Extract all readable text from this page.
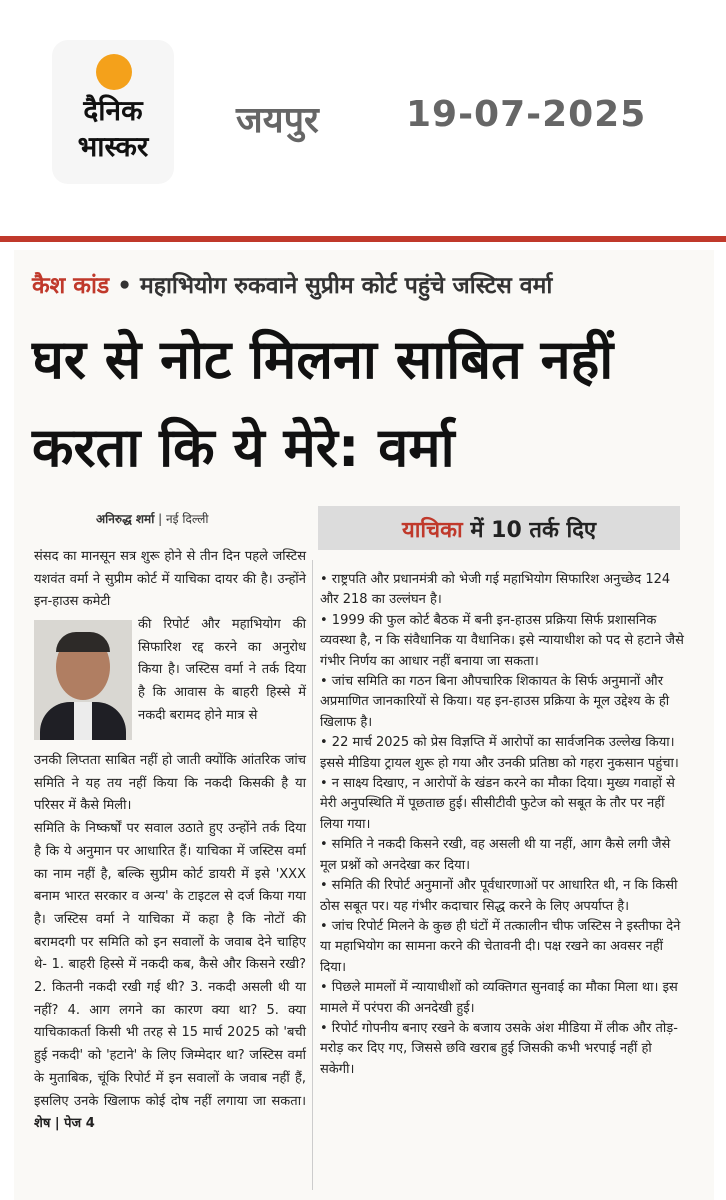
दैनिक
भास्कर
जयपुर 19-07-2025
कैश कांड • महाभियोग रुकवाने सुप्रीम कोर्ट पहुंचे जस्टिस वर्मा
घर से नोट मिलना साबित नहीं करता कि ये मेरे: वर्मा
अनिरुद्ध शर्मा | नई दिल्ली	याचिका में 10 तर्क दिए
संसद का मानसून सत्र शुरू होने से तीन दिन पहले जस्टिस यशवंत वर्मा ने सुप्रीम कोर्ट में याचिका दायर की है। उन्होंने इन-हाउस कमेटी
की रिपोर्ट और महाभियोग की सिफारिश रद्द करने का अनुरोध किया है। जस्टिस वर्मा ने तर्क दिया है कि आवास के बाहरी हिस्से में नकदी बरामद होने मात्र से

उनकी लिप्तता साबित नहीं हो जाती क्योंकि आंतरिक जांच समिति ने यह तय नहीं किया कि नकदी किसकी है या परिसर में कैसे मिली।

समिति के निष्कर्षों पर सवाल उठाते हुए उन्होंने तर्क दिया है कि ये अनुमान पर आधारित हैं। याचिका में जस्टिस वर्मा का नाम नहीं है, बल्कि सुप्रीम कोर्ट डायरी में इसे 'XXX बनाम भारत सरकार व अन्य' के टाइटल से दर्ज किया गया है। जस्टिस वर्मा ने याचिका में कहा है कि नोटों की बरामदगी पर समिति को इन सवालों के जवाब देने चाहिए थे- 1. बाहरी हिस्से में नकदी कब, कैसे और किसने रखी? 2. कितनी नकदी रखी गई थी? 3. नकदी असली थी या नहीं? 4. आग लगने का कारण क्या था? 5. क्या याचिकाकर्ता किसी भी तरह से 15 मार्च 2025 को 'बची हुई नकदी' को 'हटाने' के लिए जिम्मेदार था? जस्टिस वर्मा के मुताबिक, चूंकि रिपोर्ट में इन सवालों के जवाब नहीं हैं, इसलिए उनके खिलाफ कोई दोष नहीं लगाया जा सकता। शेष | पेज 4

• राष्ट्रपति और प्रधानमंत्री को भेजी गई महाभियोग सिफारिश अनुच्छेद 124 और 218 का उल्लंघन है।

• 1999 की फुल कोर्ट बैठक में बनी इन-हाउस प्रक्रिया सिर्फ प्रशासनिक व्यवस्था है, न कि संवैधानिक या वैधानिक। इसे न्यायाधीश को पद से हटाने जैसे गंभीर निर्णय का आधार नहीं बनाया जा सकता।

• जांच समिति का गठन बिना औपचारिक शिकायत के सिर्फ अनुमानों और अप्रमाणित जानकारियों से किया। यह इन-हाउस प्रक्रिया के मूल उद्देश्य के ही खिलाफ है।

• 22 मार्च 2025 को प्रेस विज्ञप्ति में आरोपों का सार्वजनिक उल्लेख किया। इससे मीडिया ट्रायल शुरू हो गया और उनकी प्रतिष्ठा को गहरा नुकसान पहुंचा।

• न साक्ष्य दिखाए, न आरोपों के खंडन करने का मौका दिया। मुख्य गवाहों से मेरी अनुपस्थिति में पूछताछ हुई। सीसीटीवी फुटेज को सबूत के तौर पर नहीं लिया गया।

• समिति ने नकदी किसने रखी, वह असली थी या नहीं, आग कैसे लगी जैसे मूल प्रश्नों को अनदेखा कर दिया।

• समिति की रिपोर्ट अनुमानों और पूर्वधारणाओं पर आधारित थी, न कि किसी ठोस सबूत पर। यह गंभीर कदाचार सिद्ध करने के लिए अपर्याप्त है।

• जांच रिपोर्ट मिलने के कुछ ही घंटों में तत्कालीन चीफ जस्टिस ने इस्तीफा देने या महाभियोग का सामना करने की चेतावनी दी। पक्ष रखने का अवसर नहीं दिया।

• पिछले मामलों में न्यायाधीशों को व्यक्तिगत सुनवाई का मौका मिला था। इस मामले में परंपरा की अनदेखी हुई।

• रिपोर्ट गोपनीय बनाए रखने के बजाय उसके अंश मीडिया में लीक और तोड़-मरोड़ कर दिए गए, जिससे छवि खराब हुई जिसकी कभी भरपाई नहीं हो सकेगी।
